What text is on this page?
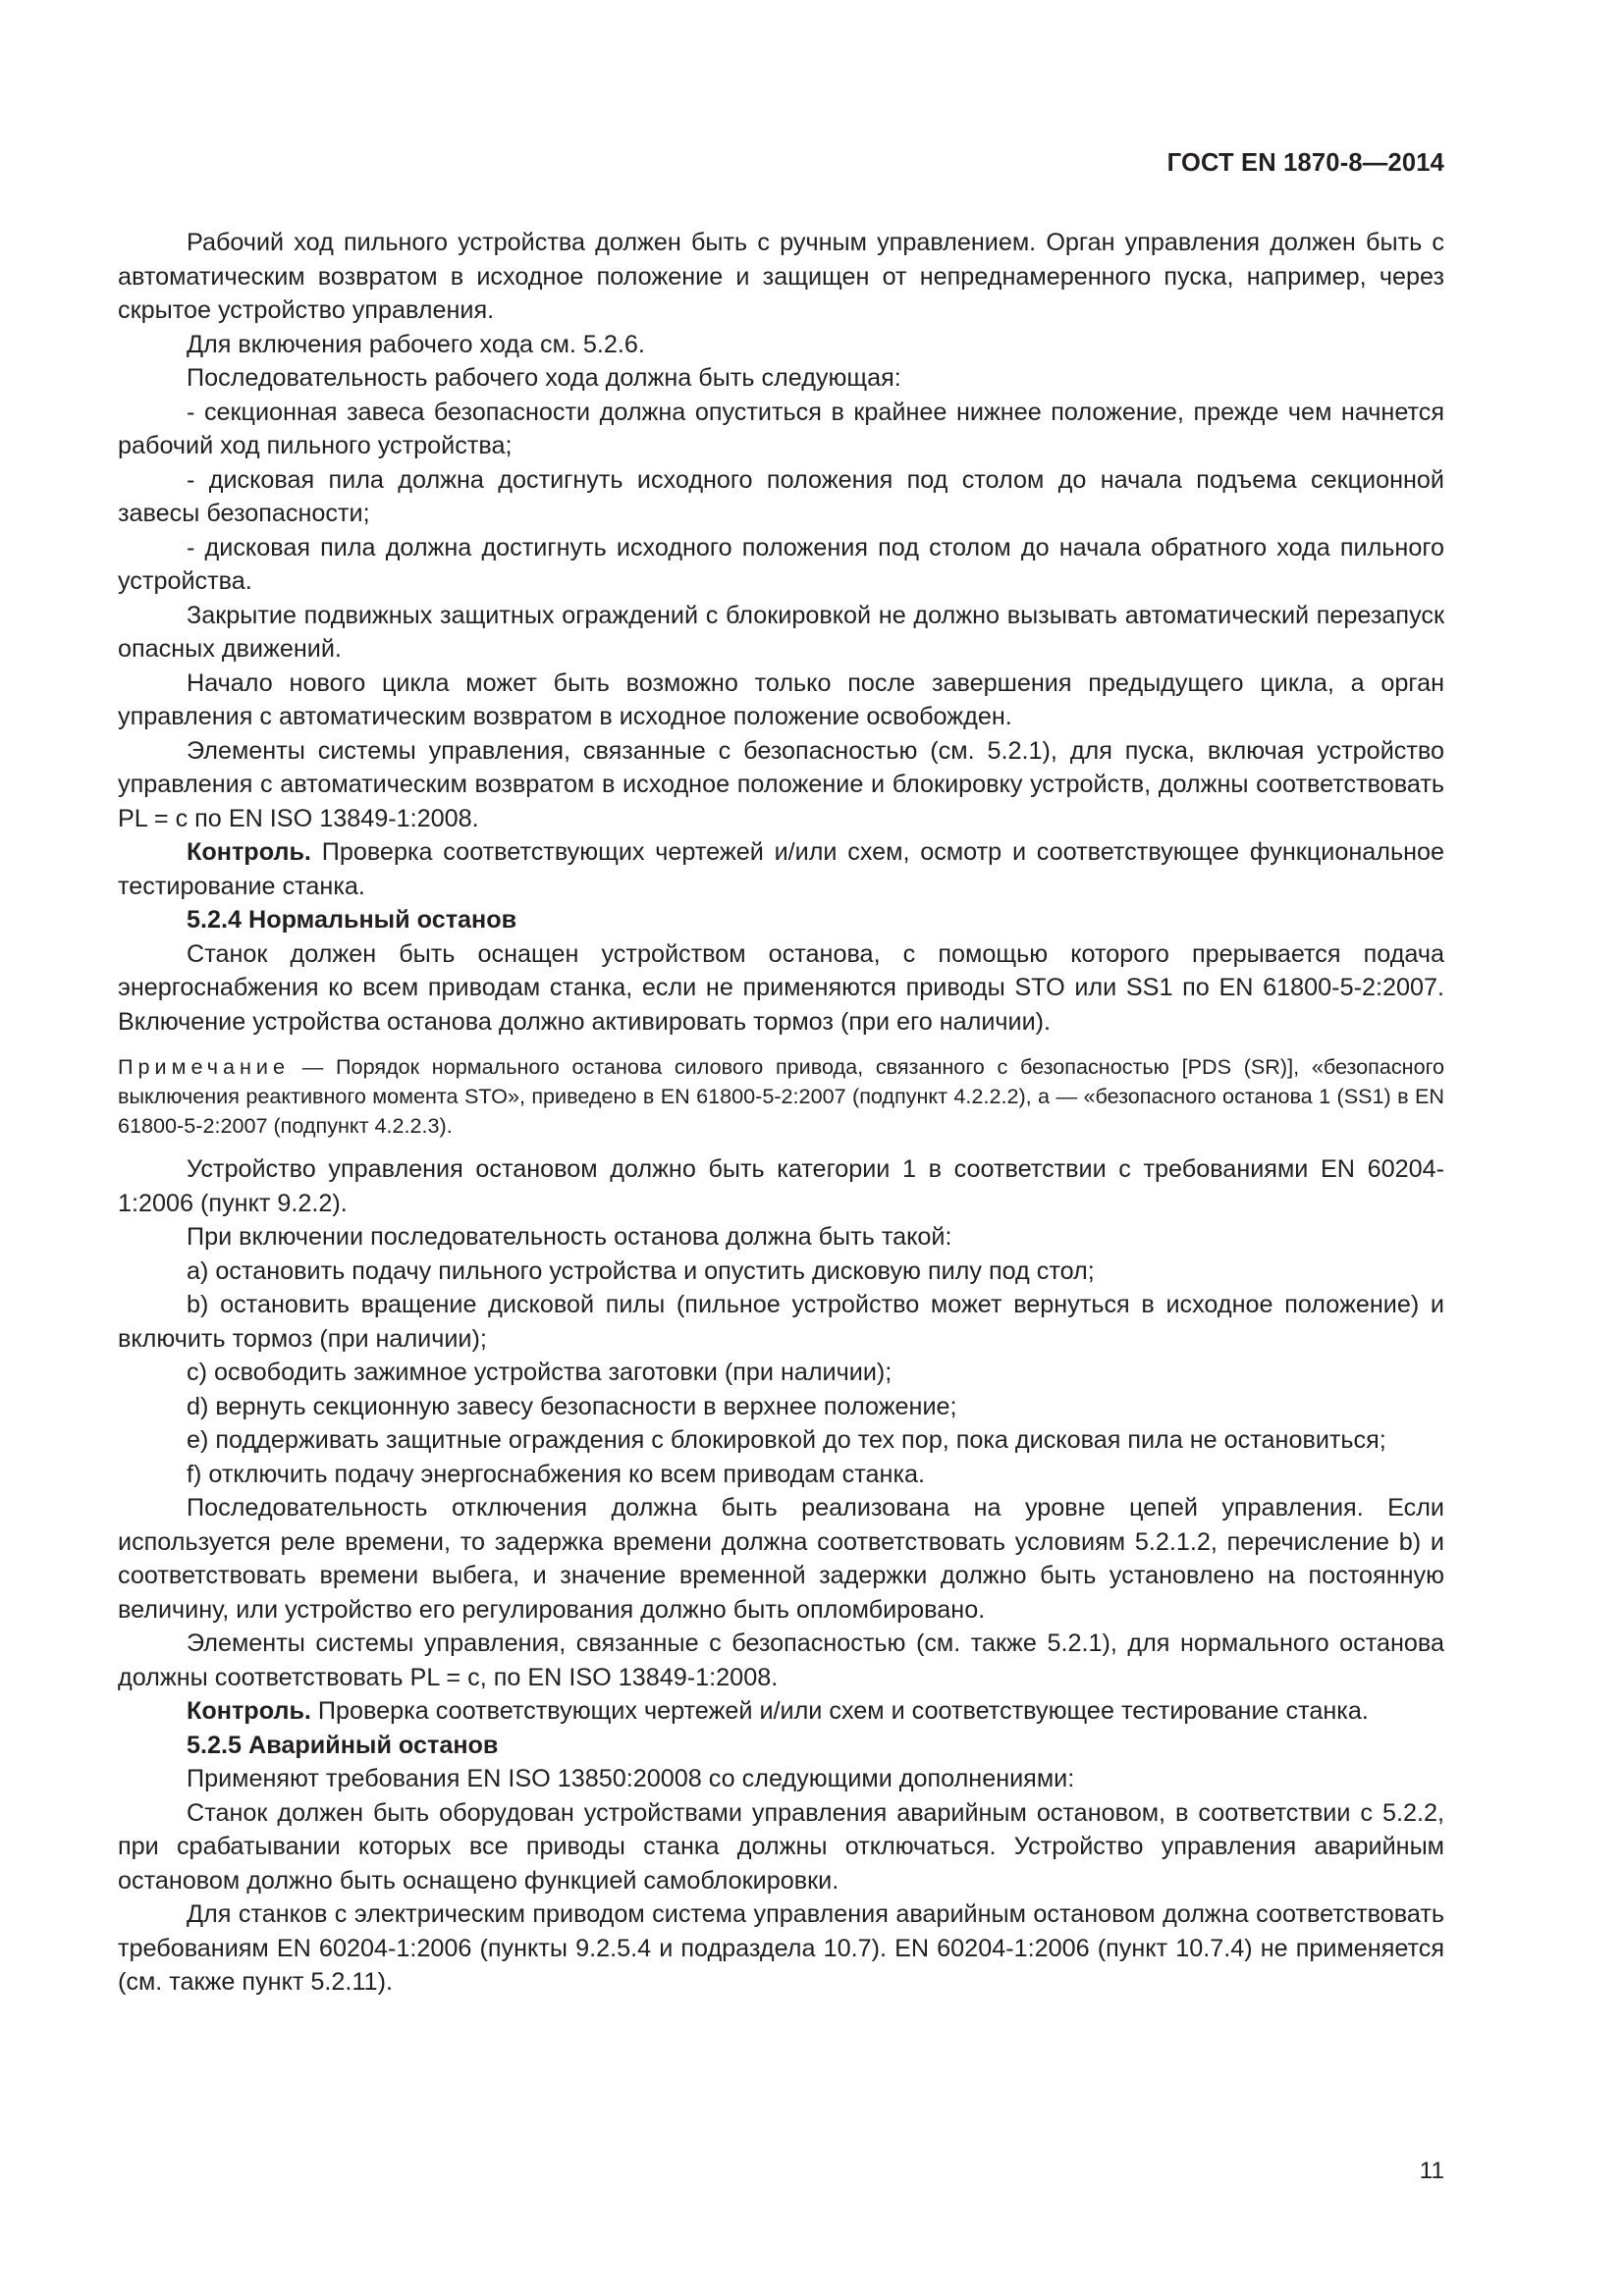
ГОСТ EN 1870-8—2014

Рабочий ход пильного устройства должен быть с ручным управлением. Орган управления должен быть с автоматическим возвратом в исходное положение и защищен от непреднамеренного пуска, например, через скрытое устройство управления.

Для включения рабочего хода см. 5.2.6.

Последовательность рабочего хода должна быть следующая:

- секционная завеса безопасности должна опуститься в крайнее нижнее положение, прежде чем начнется рабочий ход пильного устройства;

- дисковая пила должна достигнуть исходного положения под столом до начала подъема секционной завесы безопасности;

- дисковая пила должна достигнуть исходного положения под столом до начала обратного хода пильного устройства.

Закрытие подвижных защитных ограждений с блокировкой не должно вызывать автоматический перезапуск опасных движений.

Начало нового цикла может быть возможно только после завершения предыдущего цикла, а орган управления с автоматическим возвратом в исходное положение освобожден.

Элементы системы управления, связанные с безопасностью (см. 5.2.1), для пуска, включая устройство управления с автоматическим возвратом в исходное положение и блокировку устройств, должны соответствовать PL = c по EN ISO 13849-1:2008.

Контроль. Проверка соответствующих чертежей и/или схем, осмотр и соответствующее функциональное тестирование станка.

5.2.4 Нормальный останов

Станок должен быть оснащен устройством останова, с помощью которого прерывается подача энергоснабжения ко всем приводам станка, если не применяются приводы STO или SS1 по EN 61800-5-2:2007. Включение устройства останова должно активировать тормоз (при его наличии).

Примечание — Порядок нормального останова силового привода, связанного с безопасностью [PDS (SR)], «безопасного выключения реактивного момента STO», приведено в EN 61800-5-2:2007 (подпункт 4.2.2.2), а — «безопасного останова 1 (SS1) в EN 61800-5-2:2007 (подпункт 4.2.2.3).

Устройство управления остановом должно быть категории 1 в соответствии с требованиями EN 60204-1:2006 (пункт 9.2.2).

При включении последовательность останова должна быть такой:

a) остановить подачу пильного устройства и опустить дисковую пилу под стол;

b) остановить вращение дисковой пилы (пильное устройство может вернуться в исходное положение) и включить тормоз (при наличии);

c) освободить зажимное устройства заготовки (при наличии);

d) вернуть секционную завесу безопасности в верхнее положение;

e) поддерживать защитные ограждения с блокировкой до тех пор, пока дисковая пила не остановиться;

f) отключить подачу энергоснабжения ко всем приводам станка.

Последовательность отключения должна быть реализована на уровне цепей управления. Если используется реле времени, то задержка времени должна соответствовать условиям 5.2.1.2, перечисление b) и соответствовать времени выбега, и значение временной задержки должно быть установлено на постоянную величину, или устройство его регулирования должно быть опломбировано.

Элементы системы управления, связанные с безопасностью (см. также 5.2.1), для нормального останова должны соответствовать PL = c, по EN ISO 13849-1:2008.

Контроль. Проверка соответствующих чертежей и/или схем и соответствующее тестирование станка.

5.2.5 Аварийный останов

Применяют требования EN ISO 13850:20008 со следующими дополнениями:

Станок должен быть оборудован устройствами управления аварийным остановом, в соответствии с 5.2.2, при срабатывании которых все приводы станка должны отключаться. Устройство управления аварийным остановом должно быть оснащено функцией самоблокировки.

Для станков с электрическим приводом система управления аварийным остановом должна соответствовать требованиям EN 60204-1:2006 (пункты 9.2.5.4 и подраздела 10.7). EN 60204-1:2006 (пункт 10.7.4) не применяется (см. также пункт 5.2.11).

11
